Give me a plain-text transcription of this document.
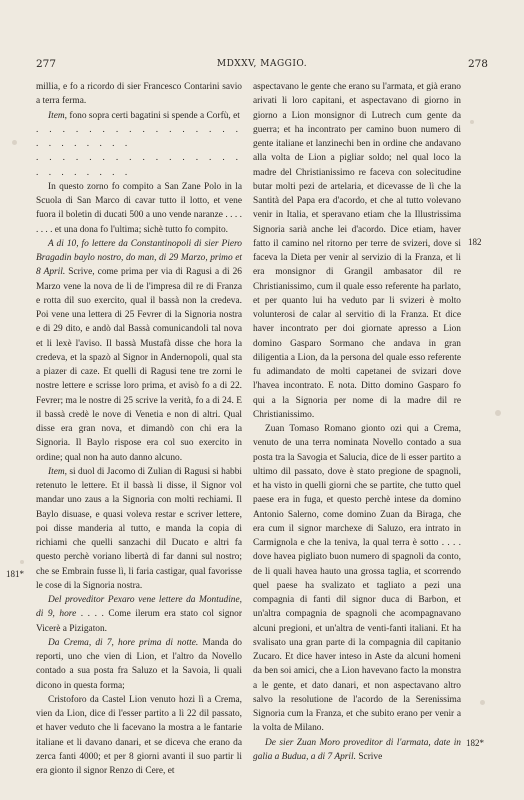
277	MDXXV, MAGGIO.	278

millia, e fo a ricordo di sier Francesco Contarini savio a terra ferma.

Item, fono sopra certi bagatini si spende a Corfù, et

. . . . . . . . . . . . . . . . . . . . . . . .

. . . . . . . . . . . . . . . . . . . . . . . .

In questo zorno fo compito a San Zane Polo in la Scuola di San Marco di cavar tutto il lotto, et vene fuora il boletin di ducati 500 a uno vende naranze . . . . . . . . et una dona fo l'ultima; sichè tutto fo compito.

A di 10, fo lettere da Constantinopoli di sier Piero Bragadin baylo nostro, do man, di 29 Marzo, primo et 8 April. Scrive, come prima per via di Ragusi a di 26 Marzo vene la nova de li de l'impresa dil re di Franza e rotta dil suo exercito, qual il bassà non la credeva. Poi vene una lettera di 25 Fevrer di la Signoria nostra e di 29 dito, e andò dal Bassà comunicandoli tal nova et li lexè l'aviso. Il bassà Mustafà disse che hora la credeva, et la spazò al Signor in Andernopoli, qual sta a piazer di caze. Et quelli di Ragusi tene tre zorni le nostre lettere e scrisse loro prima, et avisò fo a di 22. Fevrer; ma le nostre di 25 scrive la verità, fo a di 24. E il bassà credè le nove di Venetia e non di altri. Qual disse era gran nova, et dimandò con chi era la Signoria. Il Baylo rispose era col suo exercito in ordine; qual non ha auto danno alcuno.

Item, si duol di Jacomo di Zulian di Ragusi si habbi retenuto le lettere. Et il bassà li disse, il Signor vol mandar uno zaus a la Signoria con molti rechiami. Il Baylo disuase, e quasi voleva restar e scriver lettere, poi disse manderia al tutto, e manda la copia di richiami che quelli sanzachi dil Ducato e altri fa questo perchè voriano libertà di far danni sul nostro; che se Embrain fusse lì, li faria castigar, qual favorisse le cose di la Signoria nostra.

Del proveditor Pexaro vene lettere da Montudine, di 9, hore . . . . Come ilerum era stato col signor Vicerè a Pizigaton.

Da Crema, di 7, hore prima di notte. Manda do reporti, uno che vien di Lion, et l'altro da Novello contado a sua posta fra Saluzo et la Savoia, li quali dicono in questa forma;

Cristoforo da Castel Lion venuto hozi lì a Crema, vien da Lion, dice di l'esser partito a lì 22 dil passato, et haver veduto che li facevano la mostra a le fantarie italiane et li davano danari, et se diceva che erano da zerca fanti 4000; et per 8 giorni avanti il suo partir li era gionto il signor Renzo di Cere, et

aspectavano le gente che erano su l'armata, et già erano arivati li loro capitani, et aspectavano di giorno in giorno a Lion monsignor di Lutrech cum gente da guerra; et ha incontrato per camino buon numero di gente italiane et lanzinechi ben in ordine che andavano alla volta de Lion a pigliar soldo; nel qual loco la madre del Christianissimo re faceva con solecitudine butar molti pezi de artelaria, et dicevasse de lì che la Santità del Papa era d'acordo, et che al tutto volevano venir in Italia, et speravano etiam che la Illustrissima Signoria sarià anche lei d'acordo. Dice etiam, haver fatto il camino nel ritorno per terre de svizeri, dove si faceva la Dieta per venir al servizio di la Franza, et li era monsignor di Grangil ambasator dil re Christianissimo, cum il quale esso referente ha parlato, et per quanto lui ha veduto par li svizeri è molto volunterosi de calar al servitio di la Franza. Et dice haver incontrato per doi giornate apresso a Lion domino Gasparo Sormano che andava in gran diligentia a Lion, da la persona del quale esso referente fu adimandato de molti capetanei de svizari dove l'havea incontrato. E nota. Ditto domino Gasparo fo qui a la Signoria per nome di la madre dil re Christianissimo.

Zuan Tomaso Romano gionto ozi qui a Crema, venuto de una terra nominata Novello contado a sua posta tra la Savogia et Salucia, dice de li esser partito a ultimo dil passato, dove è stato pregione de spagnoli, et ha visto in quelli giorni che se partite, che tutto quel paese era in fuga, et questo perchè intese da domino Antonio Salerno, come domino Zuan da Biraga, che era cum il signor marchexe di Saluzo, era intrato in Carmignola e che la teniva, la qual terra è sotto . . . . dove havea pigliato buon numero di spagnoli da conto, de li quali havea hauto una grossa taglia, et scorrendo quel paese ha svalizato et tagliato a pezi una compagnia di fanti dil signor duca di Barbon, et un'altra compagnia de spagnoli che acompagnavano alcuni pregioni, et un'altra de venti-fanti italiani. Et ha svalisato una gran parte di la compagnia dil capitanio Zucaro. Et dice haver inteso in Aste da alcuni homeni da ben soi amici, che a Lion havevano facto la monstra a le gente, et dato danari, et non aspectavano altro salvo la resolutione de l'acordo de la Serenissima Signoria cum la Franza, et che subito erano per venir a la volta de Milano.

De sier Zuan Moro proveditor di l'armata, date in galia a Budua, a di 7 April. Scrive

181*
182
182*
